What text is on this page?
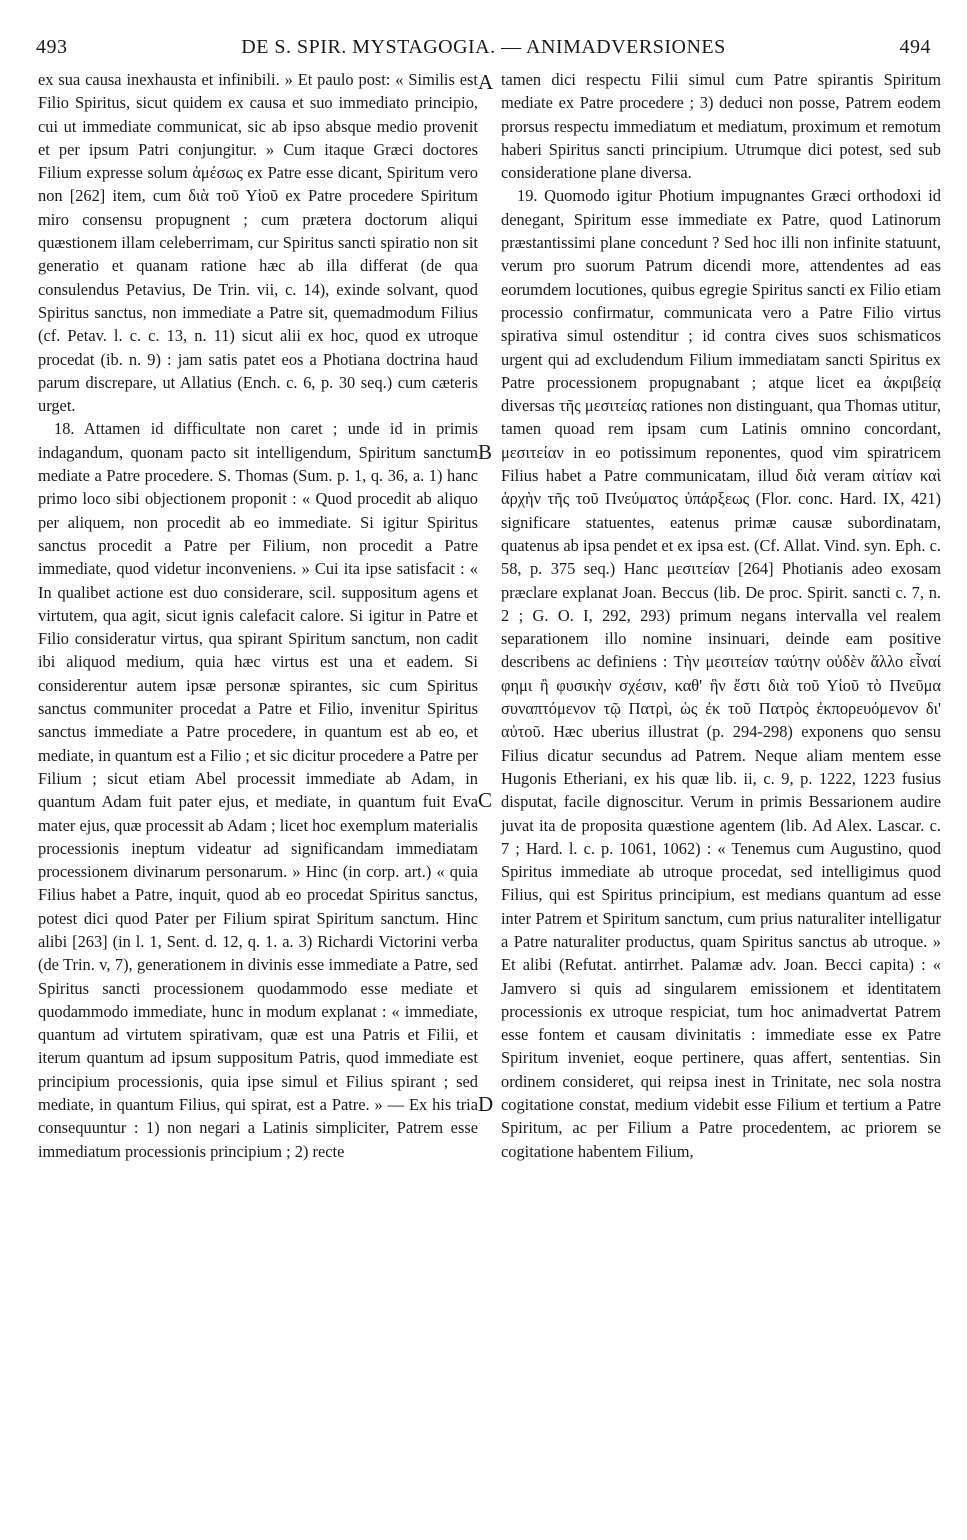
493	DE S. SPIR. MYSTAGOGIA. — ANIMADVERSIONES	494

ex sua causa inexhausta et infinibili. » Et paulo post: « Similis est Filio Spiritus, sicut quidem ex causa et suo immediato principio, cui ut immediate communicat, sic ab ipso absque medio provenit et per ipsum Patri conjungitur. » Cum itaque Græci doctores Filium expresse solum ἀμέσως ex Patre esse dicant, Spiritum vero non [262] item, cum διὰ τοῦ Υἱοῦ ex Patre procedere Spiritum miro consensu propugnent ; cum prætera doctorum aliqui quæstionem illam celeberrimam, cur Spiritus sancti spiratio non sit generatio et quanam ratione hæc ab illa differat (de qua consulendus Petavius, De Trin. vii, c. 14), exinde solvant, quod Spiritus sanctus, non immediate a Patre sit, quemadmodum Filius (cf. Petav. l. c. c. 13, n. 11) sicut alii ex hoc, quod ex utroque procedat (ib. n. 9) : jam satis patet eos a Photiana doctrina haud parum discrepare, ut Allatius (Ench. c. 6, p. 30 seq.) cum cæteris urget.

18. Attamen id difficultate non caret ; unde id in primis indagandum, quonam pacto sit intelligendum, Spiritum sanctum mediate a Patre procedere. S. Thomas (Sum. p. 1, q. 36, a. 1) hanc primo loco sibi objectionem proponit : « Quod procedit ab aliquo per aliquem, non procedit ab eo immediate. Si igitur Spiritus sanctus procedit a Patre per Filium, non procedit a Patre immediate, quod videtur inconveniens. » Cui ita ipse satisfacit : « In qualibet actione est duo considerare, scil. suppositum agens et virtutem, qua agit, sicut ignis calefacit calore. Si igitur in Patre et Filio consideratur virtus, qua spirant Spiritum sanctum, non cadit ibi aliquod medium, quia hæc virtus est una et eadem. Si considerentur autem ipsæ personæ spirantes, sic cum Spiritus sanctus communiter procedat a Patre et Filio, invenitur Spiritus sanctus immediate a Patre procedere, in quantum est ab eo, et mediate, in quantum est a Filio ; et sic dicitur procedere a Patre per Filium ; sicut etiam Abel processit immediate ab Adam, in quantum Adam fuit pater ejus, et mediate, in quantum fuit Eva mater ejus, quæ processit ab Adam ; licet hoc exemplum materialis processionis ineptum videatur ad significandam immediatam processionem divinarum personarum. » Hinc (in corp. art.) « quia Filius habet a Patre, inquit, quod ab eo procedat Spiritus sanctus, potest dici quod Pater per Filium spirat Spiritum sanctum. Hinc alibi [263] (in l. 1, Sent. d. 12, q. 1. a. 3) Richardi Victorini verba (de Trin. v, 7), generationem in divinis esse immediate a Patre, sed Spiritus sancti processionem quodammodo esse mediate et quodammodo immediate, hunc in modum explanat : « immediate, quantum ad virtutem spirativam, quæ est una Patris et Filii, et iterum quantum ad ipsum suppositum Patris, quod immediate est principium processionis, quia ipse simul et Filius spirant ; sed mediate, in quantum Filius, qui spirat, est a Patre. » — Ex his tria consequuntur : 1) non negari a Latinis simpliciter, Patrem esse immediatum processionis principium ; 2) recte

A
B
C
D

tamen dici respectu Filii simul cum Patre spirantis Spiritum mediate ex Patre procedere ; 3) deduci non posse, Patrem eodem prorsus respectu immediatum et mediatum, proximum et remotum haberi Spiritus sancti principium. Utrumque dici potest, sed sub consideratione plane diversa.

19. Quomodo igitur Photium impugnantes Græci orthodoxi id denegant, Spiritum esse immediate ex Patre, quod Latinorum præstantissimi plane concedunt ? Sed hoc illi non infinite statuunt, verum pro suorum Patrum dicendi more, attendentes ad eas eorumdem locutiones, quibus egregie Spiritus sancti ex Filio etiam processio confirmatur, communicata vero a Patre Filio virtus spirativa simul ostenditur ; id contra cives suos schismaticos urgent qui ad excludendum Filium immediatam sancti Spiritus ex Patre processionem propugnabant ; atque licet ea ἀκριβείᾳ diversas τῆς μεσιτείας rationes non distinguant, qua Thomas utitur, tamen quoad rem ipsam cum Latinis omnino concordant, μεσιτείαν in eo potissimum reponentes, quod vim spiratricem Filius habet a Patre communicatam, illud διὰ veram αἰτίαν καὶ ἀρχὴν τῆς τοῦ Πνεύματος ὑπάρξεως (Flor. conc. Hard. IX, 421) significare statuentes, eatenus primæ causæ subordinatam, quatenus ab ipsa pendet et ex ipsa est. (Cf. Allat. Vind. syn. Eph. c. 58, p. 375 seq.) Hanc μεσιτείαν [264] Photianis adeo exosam præclare explanat Joan. Beccus (lib. De proc. Spirit. sancti c. 7, n. 2 ; G. O. I, 292, 293) primum negans intervalla vel realem separationem illo nomine insinuari, deinde eam positive describens ac definiens : Τὴν μεσιτείαν ταύτην οὐδὲν ἄλλο εἶναί φημι ἢ φυσικὴν σχέσιν, καθ' ἣν ἔστι διὰ τοῦ Υἱοῦ τὸ Πνεῦμα συναπτόμενον τῷ Πατρὶ, ὡς ἐκ τοῦ Πατρὸς ἐκπορευόμενον δι' αὐτοῦ. Hæc uberius illustrat (p. 294-298) exponens quo sensu Filius dicatur secundus ad Patrem. Neque aliam mentem esse Hugonis Etheriani, ex his quæ lib. ii, c. 9, p. 1222, 1223 fusius disputat, facile dignoscitur. Verum in primis Bessarionem audire juvat ita de proposita quæstione agentem (lib. Ad Alex. Lascar. c. 7 ; Hard. l. c. p. 1061, 1062) : « Tenemus cum Augustino, quod Spiritus immediate ab utroque procedat, sed intelligimus quod Filius, qui est Spiritus principium, est medians quantum ad esse inter Patrem et Spiritum sanctum, cum prius naturaliter intelligatur a Patre naturaliter productus, quam Spiritus sanctus ab utroque. » Et alibi (Refutat. antirrhet. Palamæ adv. Joan. Becci capita) : « Jamvero si quis ad singularem emissionem et identitatem processionis ex utroque respiciat, tum hoc animadvertat Patrem esse fontem et causam divinitatis : immediate esse ex Patre Spiritum inveniet, eoque pertinere, quas affert, sententias. Sin ordinem consideret, qui reipsa inest in Trinitate, nec sola nostra cogitatione constat, medium videbit esse Filium et tertium a Patre Spiritum, ac per Filium a Patre procedentem, ac priorem se cogitatione habentem Filium,
